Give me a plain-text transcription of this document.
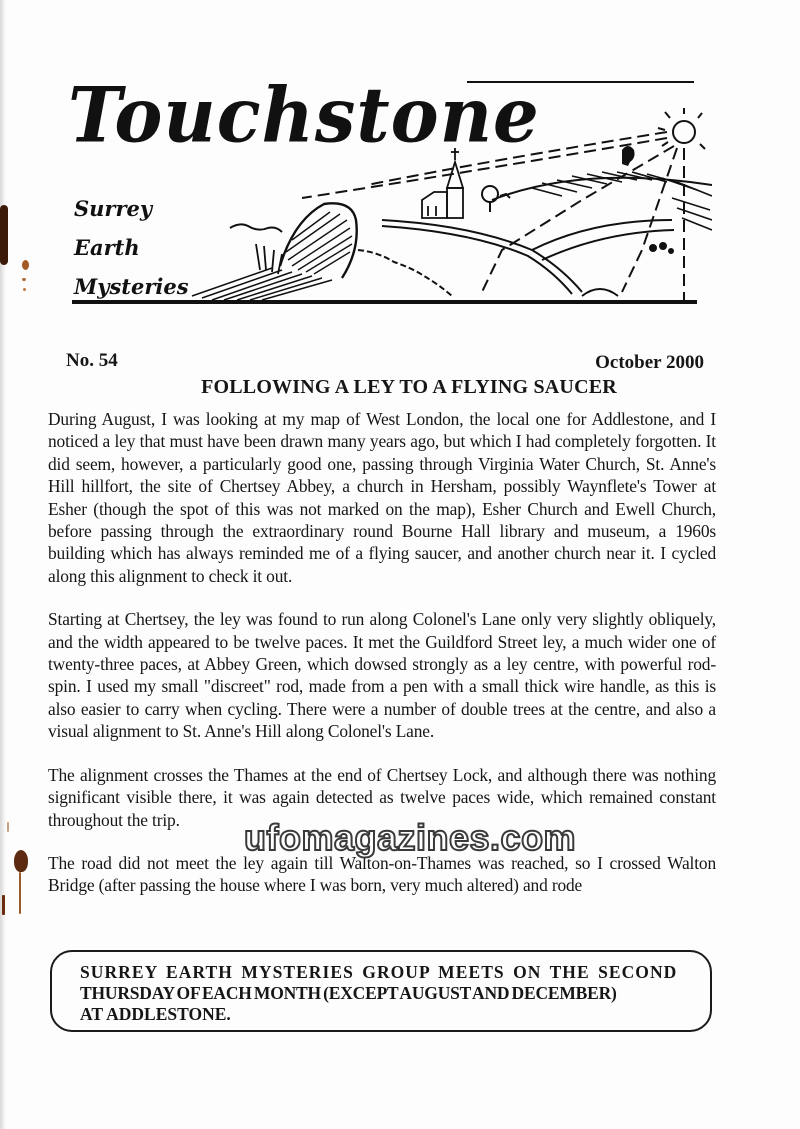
Touchstone
Surrey
Earth
Mysteries
No. 54	October 2000
FOLLOWING A LEY TO A FLYING SAUCER

During August, I was looking at my map of West London, the local one for Addlestone, and I noticed a ley that must have been drawn many years ago, but which I had completely forgotten. It did seem, however, a particularly good one, passing through Virginia Water Church, St. Anne's Hill hillfort, the site of Chertsey Abbey, a church in Hersham, possibly Waynflete's Tower at Esher (though the spot of this was not marked on the map), Esher Church and Ewell Church, before passing through the extraordinary round Bourne Hall library and museum, a 1960s building which has always reminded me of a flying saucer, and another church near it. I cycled along this alignment to check it out.

Starting at Chertsey, the ley was found to run along Colonel's Lane only very slightly obliquely, and the width appeared to be twelve paces. It met the Guildford Street ley, a much wider one of twenty-three paces, at Abbey Green, which dowsed strongly as a ley centre, with powerful rod-spin. I used my small "discreet" rod, made from a pen with a small thick wire handle, as this is also easier to carry when cycling. There were a number of double trees at the centre, and also a visual alignment to St. Anne's Hill along Colonel's Lane.

The alignment crosses the Thames at the end of Chertsey Lock, and although there was nothing significant visible there, it was again detected as twelve paces wide, which remained constant throughout the trip.

The road did not meet the ley again till Walton-on-Thames was reached, so I crossed Walton Bridge (after passing the house where I was born, very much altered) and rode

ufomagazines.com
SURREY EARTH MYSTERIES GROUP MEETS ON THE SECOND
THURSDAY OF EACH MONTH (EXCEPT AUGUST AND DECEMBER)
AT ADDLESTONE.
